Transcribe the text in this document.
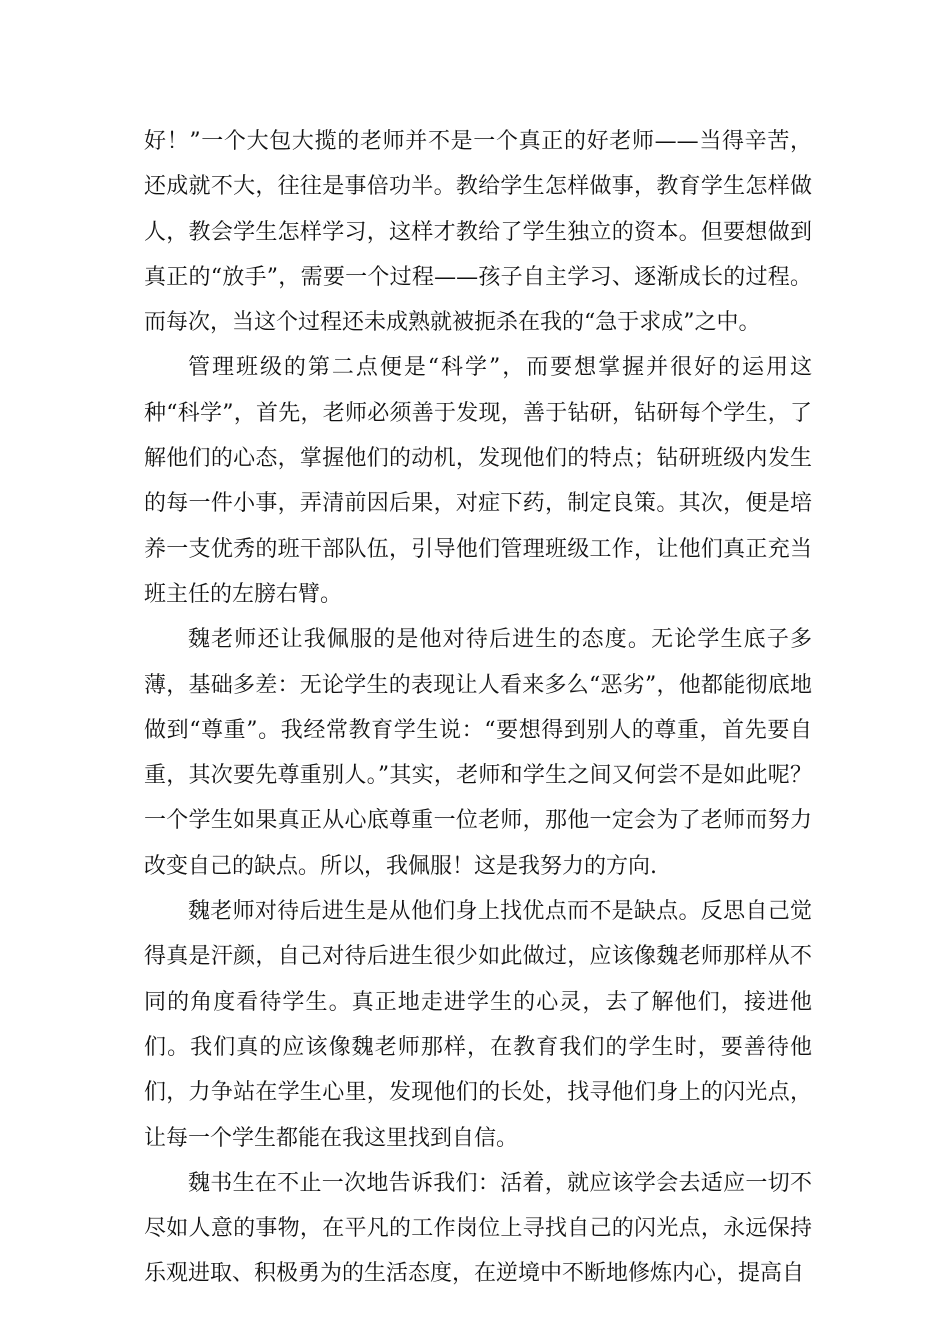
好！”一个大包大揽的老师并不是一个真正的好老师——当得辛苦，还成就不大，往往是事倍功半。教给学生怎样做事，教育学生怎样做人，教会学生怎样学习，这样才教给了学生独立的资本。但要想做到真正的“放手”，需要一个过程——孩子自主学习、逐渐成长的过程。而每次，当这个过程还未成熟就被扼杀在我的“急于求成”之中。

管理班级的第二点便是“科学”，而要想掌握并很好的运用这种“科学”，首先，老师必须善于发现，善于钻研，钻研每个学生，了解他们的心态，掌握他们的动机，发现他们的特点；钻研班级内发生的每一件小事，弄清前因后果，对症下药，制定良策。其次，便是培养一支优秀的班干部队伍，引导他们管理班级工作，让他们真正充当班主任的左膀右臂。

魏老师还让我佩服的是他对待后进生的态度。无论学生底子多薄，基础多差：无论学生的表现让人看来多么“恶劣”，他都能彻底地做到“尊重”。我经常教育学生说：“要想得到别人的尊重，首先要自重，其次要先尊重别人。”其实，老师和学生之间又何尝不是如此呢？一个学生如果真正从心底尊重一位老师，那他一定会为了老师而努力改变自己的缺点。所以，我佩服！这是我努力的方向.

魏老师对待后进生是从他们身上找优点而不是缺点。反思自己觉得真是汗颜，自己对待后进生很少如此做过，应该像魏老师那样从不同的角度看待学生。真正地走进学生的心灵，去了解他们，接进他们。我们真的应该像魏老师那样，在教育我们的学生时，要善待他们，力争站在学生心里，发现他们的长处，找寻他们身上的闪光点，让每一个学生都能在我这里找到自信。

魏书生在不止一次地告诉我们：活着，就应该学会去适应一切不尽如人意的事物，在平凡的工作岗位上寻找自己的闪光点，永远保持乐观进取、积极勇为的生活态度，在逆境中不断地修炼内心，提高自
